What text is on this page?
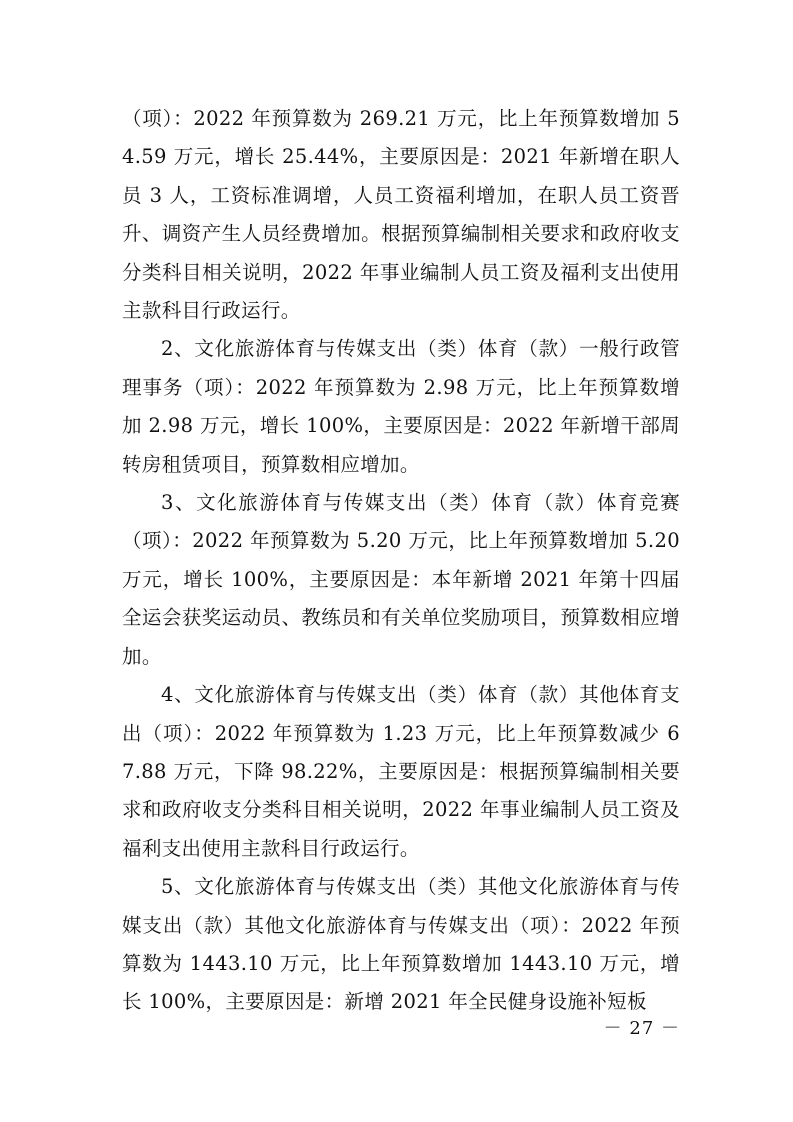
（项）：2022 年预算数为 269.21 万元，比上年预算数增加 54.59 万元，增长 25.44%，主要原因是：2021 年新增在职人员 3 人，工资标准调增，人员工资福利增加，在职人员工资晋升、调资产生人员经费增加。根据预算编制相关要求和政府收支分类科目相关说明，2022 年事业编制人员工资及福利支出使用主款科目行政运行。

2、文化旅游体育与传媒支出（类）体育（款）一般行政管理事务（项）：2022 年预算数为 2.98 万元，比上年预算数增加 2.98 万元，增长 100%，主要原因是：2022 年新增干部周转房租赁项目，预算数相应增加。

3、文化旅游体育与传媒支出（类）体育（款）体育竞赛（项）：2022 年预算数为 5.20 万元，比上年预算数增加 5.20 万元，增长 100%，主要原因是：本年新增 2021 年第十四届全运会获奖运动员、教练员和有关单位奖励项目，预算数相应增加。

4、文化旅游体育与传媒支出（类）体育（款）其他体育支出（项）：2022 年预算数为 1.23 万元，比上年预算数减少 67.88 万元，下降 98.22%，主要原因是：根据预算编制相关要求和政府收支分类科目相关说明，2022 年事业编制人员工资及福利支出使用主款科目行政运行。

5、文化旅游体育与传媒支出（类）其他文化旅游体育与传媒支出（款）其他文化旅游体育与传媒支出（项）：2022 年预算数为 1443.10 万元，比上年预算数增加 1443.10 万元，增长 100%，主要原因是：新增 2021 年全民健身设施补短板

－ 27 －
